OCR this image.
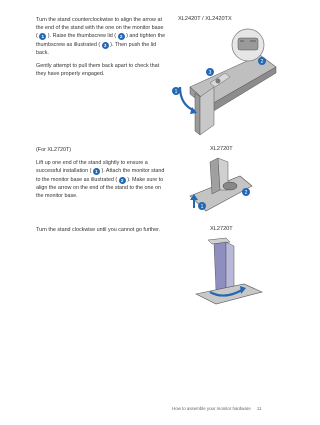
Turn the stand counterclockwise to align the arrow at the end of the stand with the one on the monitor base ( 1 ). Raise the thumbscrew lid ( 2 ) and tighten the thumbscrew as illustrated ( 3 ). Then push the lid back.

Gently attempt to pull them back apart to check that they have properly engaged.

XL2420T / XL2420TX
1
2
3

(For XL2720T)

Lift up one end of the stand slightly to ensure a successful installation ( 1 ). Attach the monitor stand to the monitor base as illustrated ( 2 ). Make sure to align the arrow on the end of the stand to the one on the monitor base.

XL2720T
2
1

Turn the stand clockwise until you cannot go further.	XL2720T
How to assemble your monitor hardware 11
